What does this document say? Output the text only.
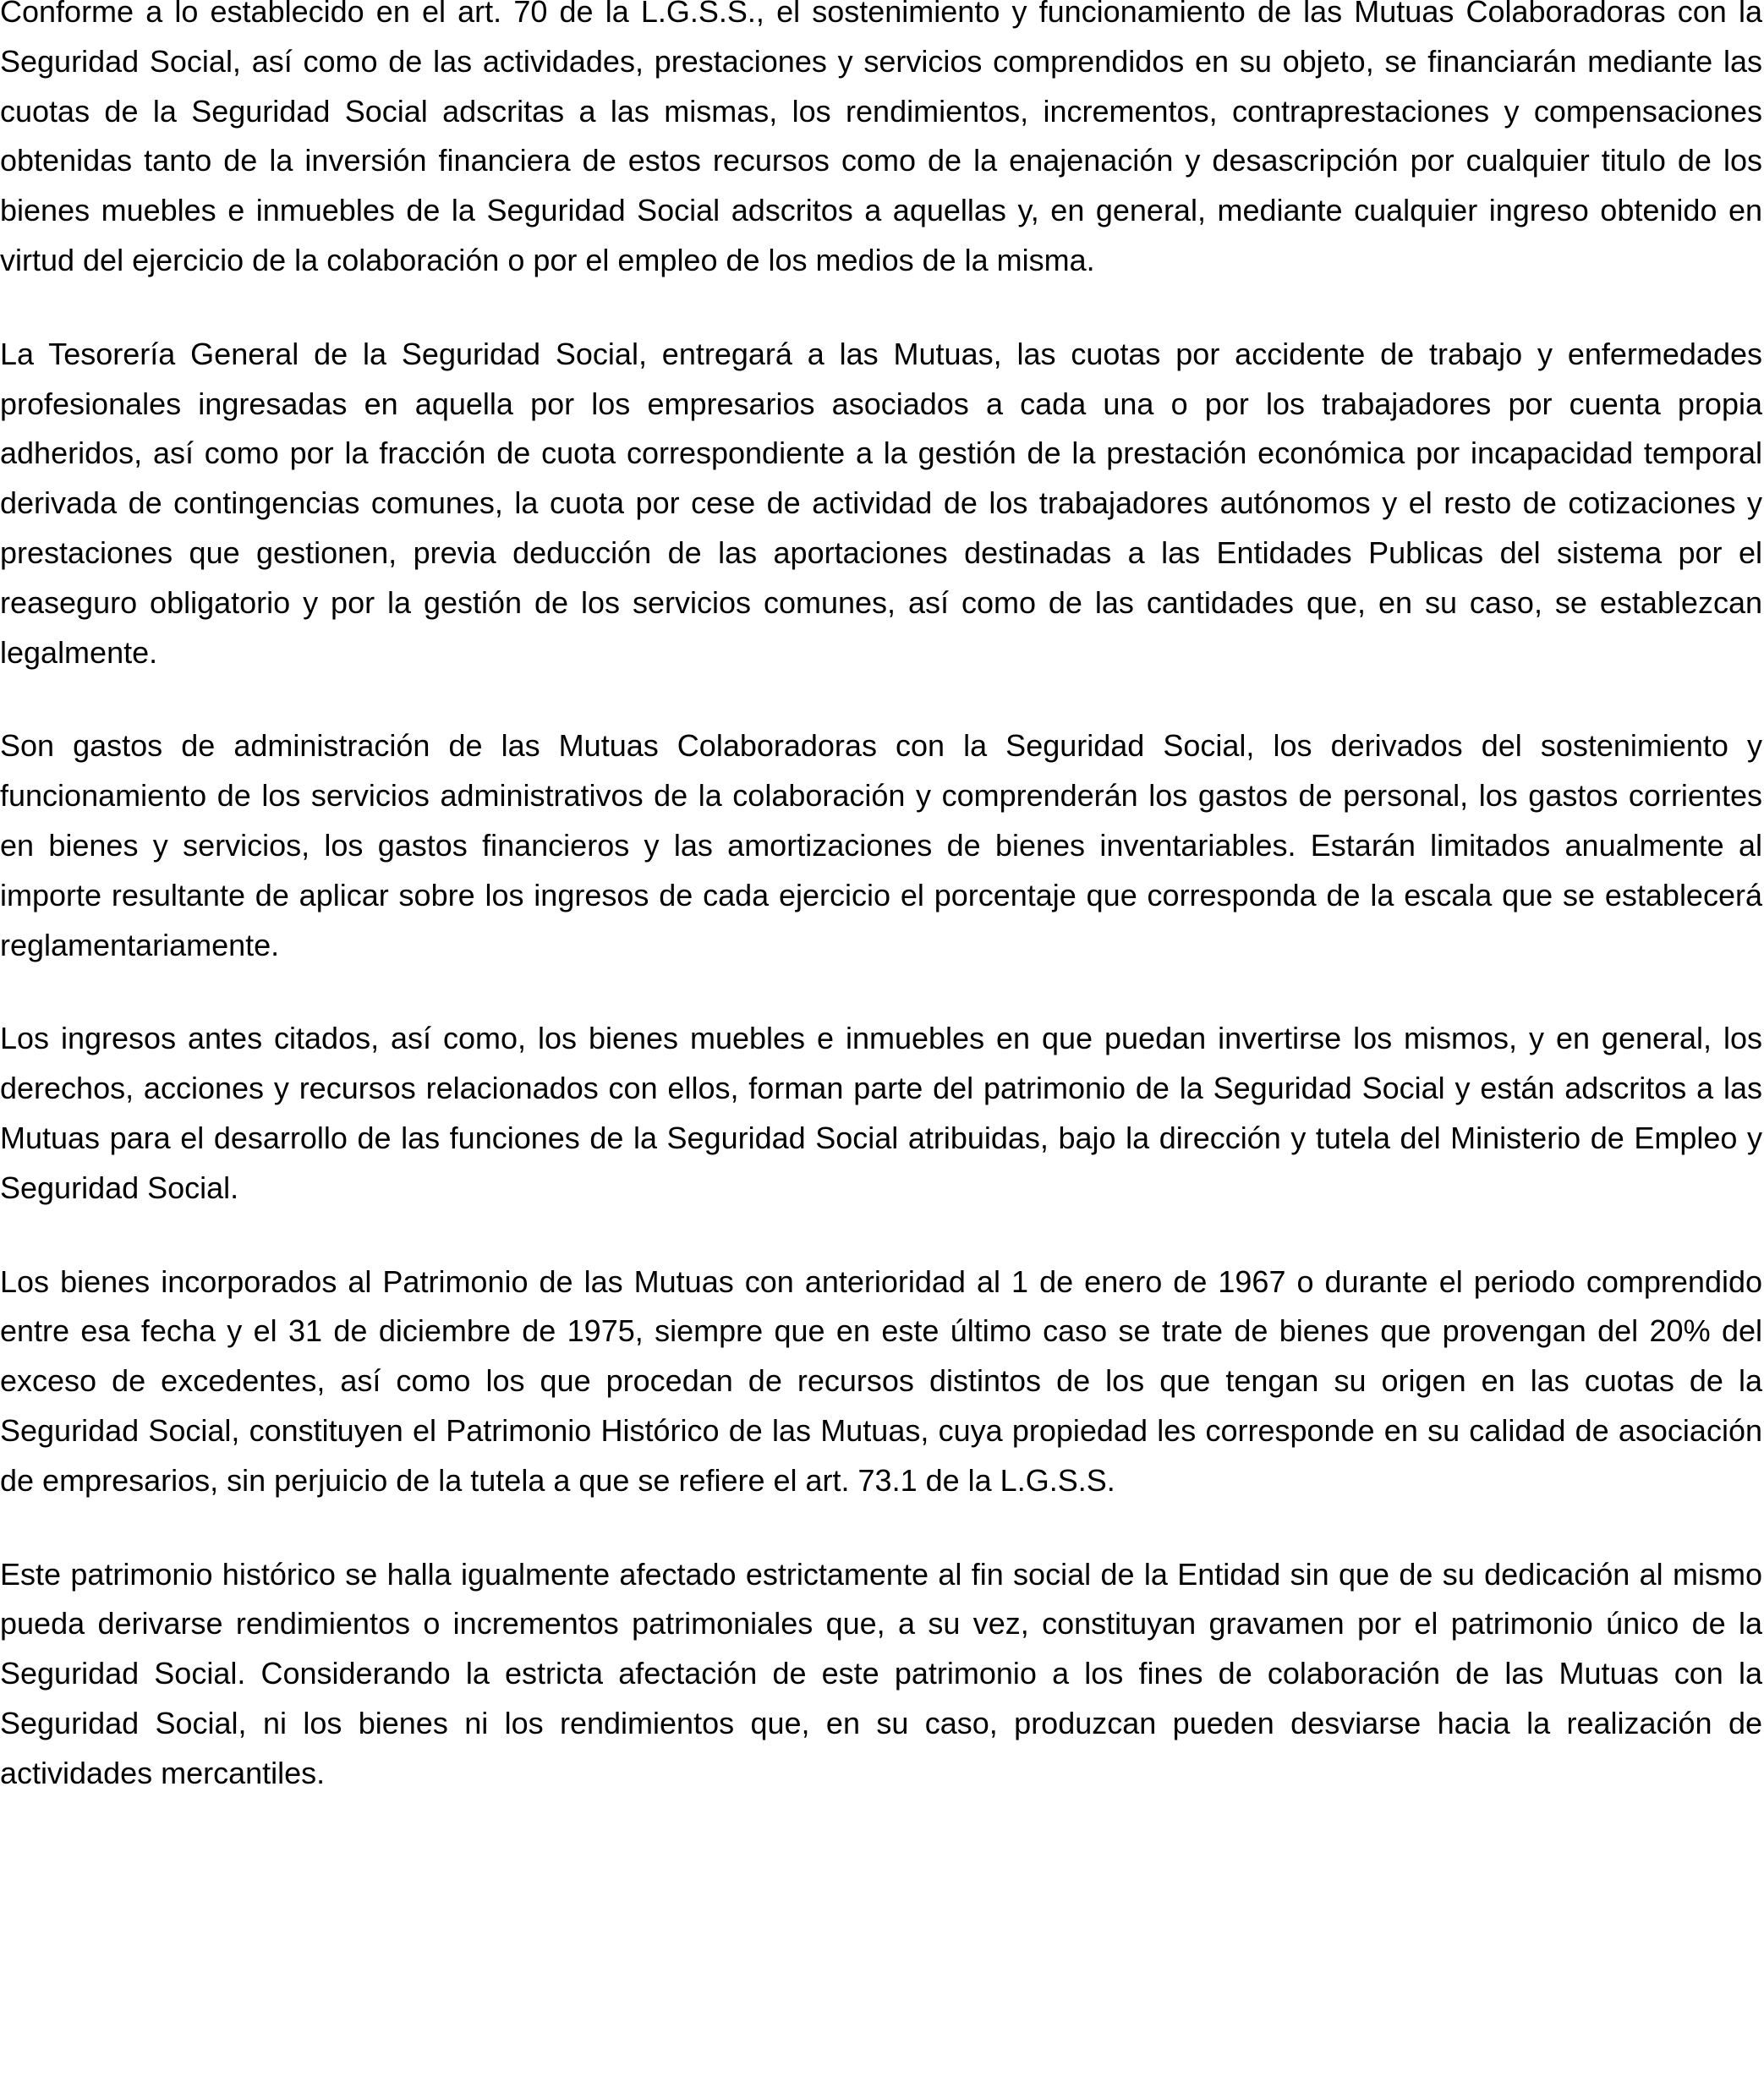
Conforme a lo establecido en el art. 70 de la L.G.S.S., el sostenimiento y funcionamiento de las Mutuas Colaboradoras con la Seguridad Social, así como de las actividades, prestaciones y servicios comprendidos en su objeto, se financiarán mediante las cuotas de la Seguridad Social adscritas a las mismas, los rendimientos, incrementos, contraprestaciones y compensaciones obtenidas tanto de la inversión financiera de estos recursos como de la enajenación y desascripción por cualquier titulo de los bienes muebles e inmuebles de la Seguridad Social adscritos a aquellas y, en general, mediante cualquier ingreso obtenido en virtud del ejercicio de la colaboración o por el empleo de los medios de la misma.

La Tesorería General de la Seguridad Social, entregará a las Mutuas, las cuotas por accidente de trabajo y enfermedades profesionales ingresadas en aquella por los empresarios asociados a cada una o por los trabajadores por cuenta propia adheridos, así como por la fracción de cuota correspondiente a la gestión de la prestación económica por incapacidad temporal derivada de contingencias comunes, la cuota por cese de actividad de los trabajadores autónomos y el resto de cotizaciones y prestaciones que gestionen, previa deducción de las aportaciones destinadas a las Entidades Publicas del sistema por el reaseguro obligatorio y por la gestión de los servicios comunes, así como de las cantidades que, en su caso, se establezcan legalmente.

Son gastos de administración de las Mutuas Colaboradoras con la Seguridad Social, los derivados del sostenimiento y funcionamiento de los servicios administrativos de la colaboración y comprenderán los gastos de personal, los gastos corrientes en bienes y servicios, los gastos financieros y las amortizaciones de bienes inventariables. Estarán limitados anualmente al importe resultante de aplicar sobre los ingresos de cada ejercicio el porcentaje que corresponda de la escala que se establecerá reglamentariamente.

Los ingresos antes citados, así como, los bienes muebles e inmuebles en que puedan invertirse los mismos, y en general, los derechos, acciones y recursos relacionados con ellos, forman parte del patrimonio de la Seguridad Social y están adscritos a las Mutuas para el desarrollo de las funciones de la Seguridad Social atribuidas, bajo la dirección y tutela del Ministerio de Empleo y Seguridad Social.

Los bienes incorporados al Patrimonio de las Mutuas con anterioridad al 1 de enero de 1967 o durante el periodo comprendido entre esa fecha y el 31 de diciembre de 1975, siempre que en este último caso se trate de bienes que provengan del 20% del exceso de excedentes, así como los que procedan de recursos distintos de los que tengan su origen en las cuotas de la Seguridad Social, constituyen el Patrimonio Histórico de las Mutuas, cuya propiedad les corresponde en su calidad de asociación de empresarios, sin perjuicio de la tutela a que se refiere el art. 73.1 de la L.G.S.S.

Este patrimonio histórico se halla igualmente afectado estrictamente al fin social de la Entidad sin que de su dedicación al mismo pueda derivarse rendimientos o incrementos patrimoniales que, a su vez, constituyan gravamen por el patrimonio único de la Seguridad Social. Considerando la estricta afectación de este patrimonio a los fines de colaboración de las Mutuas con la Seguridad Social, ni los bienes ni los rendimientos que, en su caso, produzcan pueden desviarse hacia la realización de actividades mercantiles.
